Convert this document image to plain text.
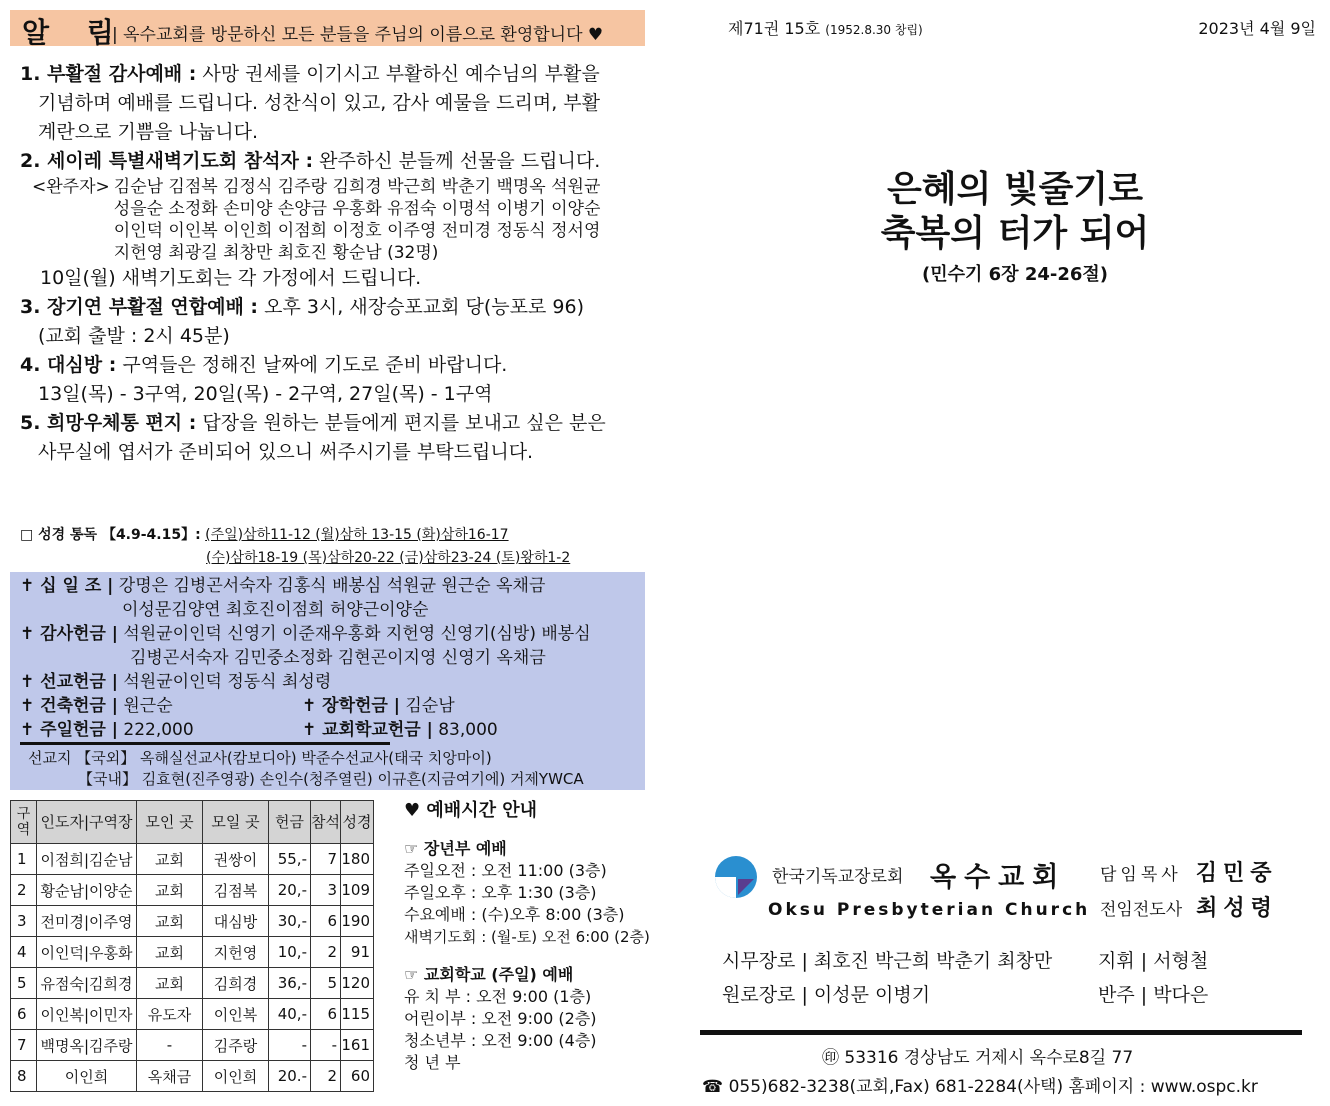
알 림
| 옥수교회를 방문하신 모든 분들을 주님의 이름으로 환영합니다 ♥
1. 부활절 감사예배 : 사망 권세를 이기시고 부활하신 예수님의 부활을
기념하며 예배를 드립니다. 성찬식이 있고, 감사 예물을 드리며, 부활
계란으로 기쁨을 나눕니다.
2. 세이레 특별새벽기도회 참석자 : 완주하신 분들께 선물을 드립니다.
<완주자> 김순남 김점복 김정식 김주랑 김희경 박근희 박춘기 백명옥 석원균
성을순 소정화 손미양 손양금 우홍화 유점숙 이명석 이병기 이양순
이인덕 이인복 이인희 이점희 이정호 이주영 전미경 정동식 정서영
지헌영 최광길 최창만 최호진 황순남 (32명)
10일(월) 새벽기도회는 각 가정에서 드립니다.
3. 장기연 부활절 연합예배 : 오후 3시, 새장승포교회 당(능포로 96)
(교회 출발 : 2시 45분)
4. 대심방 : 구역들은 정해진 날짜에 기도로 준비 바랍니다.
13일(목) - 3구역, 20일(목) - 2구역, 27일(목) - 1구역
5. 희망우체통 편지 : 답장을 원하는 분들에게 편지를 보내고 싶은 분은
사무실에 엽서가 준비되어 있으니 써주시기를 부탁드립니다.
□ 성경 통독 【4.9-4.15】: (주일)삼하11-12 (월)삼하 13-15 (화)삼하16-17
(수)삼하18-19 (목)삼하20-22 (금)삼하23-24 (토)왕하1-2
✝ 십 일 조 | 강명은 김병곤서숙자 김홍식 배봉심 석원균 원근순 옥채금
이성문김양연 최호진이점희 허양근이양순
✝ 감사헌금 | 석원균이인덕 신영기 이준재우홍화 지헌영 신영기(심방) 배봉심
김병곤서숙자 김민중소정화 김현곤이지영 신영기 옥채금
✝ 선교헌금 | 석원균이인덕 정동식 최성령
✝ 건축헌금 | 원근순	✝ 장학헌금 | 김순남
✝ 주일헌금 | 222,000	✝ 교회학교헌금 | 83,000
선교지 【국외】 옥해실선교사(캄보디아) 박준수선교사(태국 치앙마이)
【국내】 김효현(진주영광) 손인수(청주열린) 이규흔(지금여기에) 거제YWCA
구역	인도자|구역장	모인 곳	모일 곳	헌금	참석	성경
1	이점희|김순남	교회	권쌍이	55,-	7	180
2	황순남|이양순	교회	김점복	20,-	3	109
3	전미경|이주영	교회	대심방	30,-	6	190
4	이인덕|우홍화	교회	지헌영	10,-	2	91
5	유점숙|김희경	교회	김희경	36,-	5	120
6	이인복|이민자	유도자	이인복	40,-	6	115
7	백명옥|김주랑	-	김주랑	-	-	161
8	이인희	옥채금	이인희	20.-	2	60
♥ 예배시간 안내
☞ 장년부 예배
주일오전 : 오전 11:00 (3층)
주일오후 : 오후 1:30 (3층)
수요예배 : (수)오후 8:00 (3층)
새벽기도회 : (월-토) 오전 6:00 (2층)
☞ 교회학교 (주일) 예배
유 치 부 : 오전 9:00 (1층)
어린이부 : 오전 9:00 (2층)
청소년부 : 오전 9:00 (4층)
청 년 부
제71권 15호 (1952.8.30 창립)	2023년 4월 9일
은혜의 빛줄기로
축복의 터가 되어
(민수기 6장 24-26절)
한국기독교장로회 옥수교회
Oksu Presbyterian Church
담임목사 김민중
전임전도사 최성령
시무장로 | 최호진 박근희 박춘기 최창만
원로장로 | 이성문 이병기
지휘 | 서형철
반주 | 박다은
㊞ 53316 경상남도 거제시 옥수로8길 77
☎ 055)682-3238(교회,Fax) 681-2284(사택) 홈페이지 : www.ospc.kr
